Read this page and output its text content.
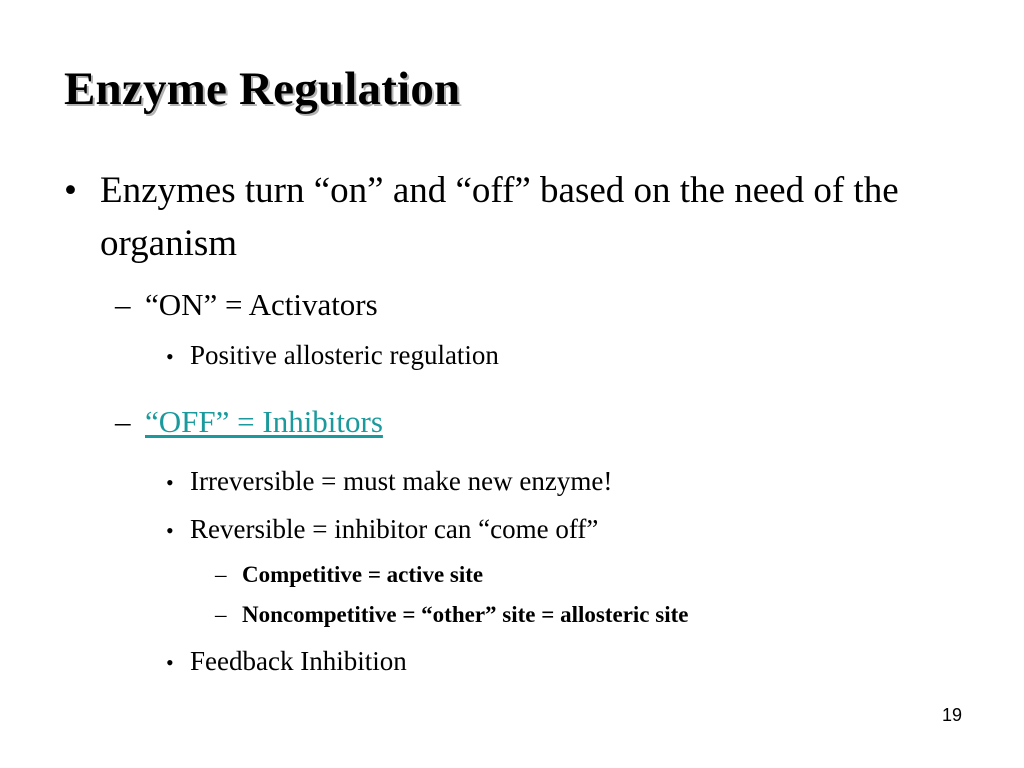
Enzyme Regulation
• Enzymes turn “on” and “off” based on the need of the organism
– “ON” = Activators
• Positive allosteric regulation
– “OFF” = Inhibitors
• Irreversible = must make new enzyme!
• Reversible = inhibitor can “come off”
– Competitive = active site
– Noncompetitive = “other” site = allosteric site
• Feedback Inhibition
19
